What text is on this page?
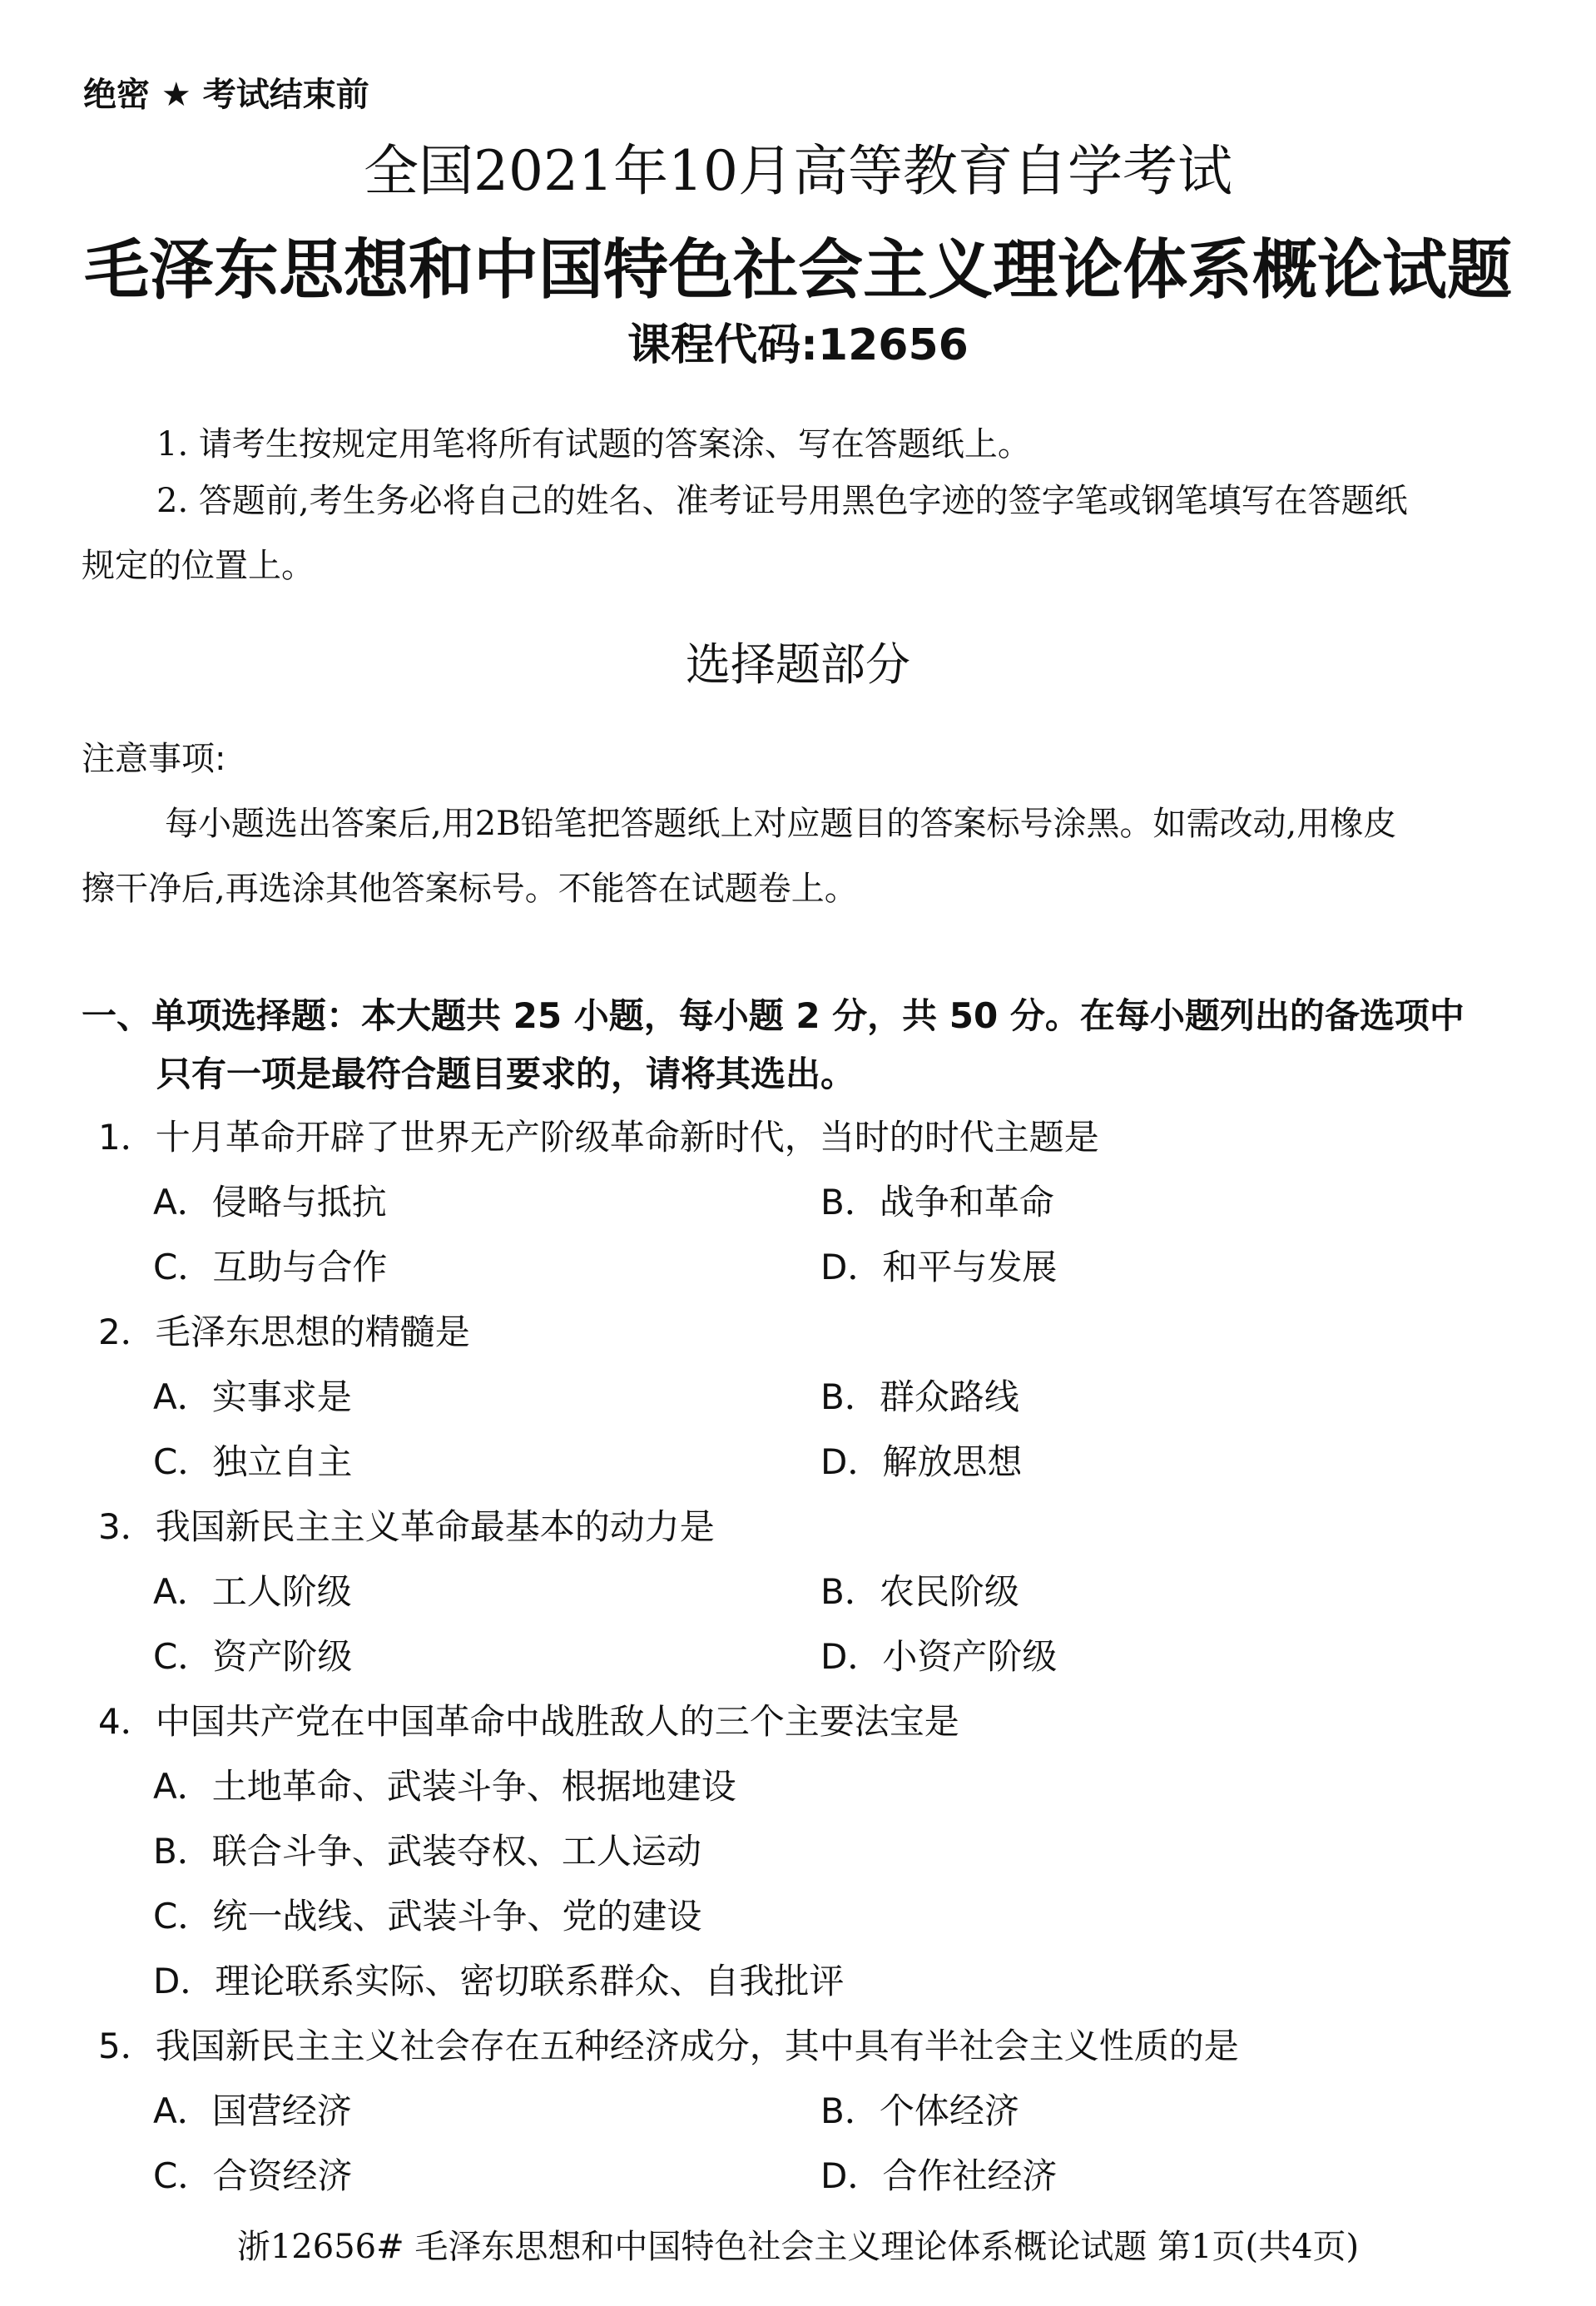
绝密 ★ 考试结束前
全国2021年10月高等教育自学考试
毛泽东思想和中国特色社会主义理论体系概论试题
课程代码:12656
1. 请考生按规定用笔将所有试题的答案涂、写在答题纸上。
2. 答题前,考生务必将自己的姓名、准考证号用黑色字迹的签字笔或钢笔填写在答题纸
规定的位置上。
选择题部分
注意事项:
每小题选出答案后,用2B铅笔把答题纸上对应题目的答案标号涂黑。如需改动,用橡皮
擦干净后,再选涂其他答案标号。不能答在试题卷上。
一、单项选择题：本大题共 25 小题，每小题 2 分，共 50 分。在每小题列出的备选项中
只有一项是最符合题目要求的，请将其选出。
1．十月革命开辟了世界无产阶级革命新时代，当时的时代主题是
A．侵略与抵抗	B．战争和革命
C．互助与合作	D．和平与发展
2．毛泽东思想的精髓是
A．实事求是	B．群众路线
C．独立自主	D．解放思想
3．我国新民主主义革命最基本的动力是
A．工人阶级	B．农民阶级
C．资产阶级	D．小资产阶级
4．中国共产党在中国革命中战胜敌人的三个主要法宝是
A．土地革命、武装斗争、根据地建设
B．联合斗争、武装夺权、工人运动
C．统一战线、武装斗争、党的建设
D．理论联系实际、密切联系群众、自我批评
5．我国新民主主义社会存在五种经济成分，其中具有半社会主义性质的是
A．国营经济	B．个体经济
C．合资经济	D．合作社经济
浙12656# 毛泽东思想和中国特色社会主义理论体系概论试题 第1页(共4页)
